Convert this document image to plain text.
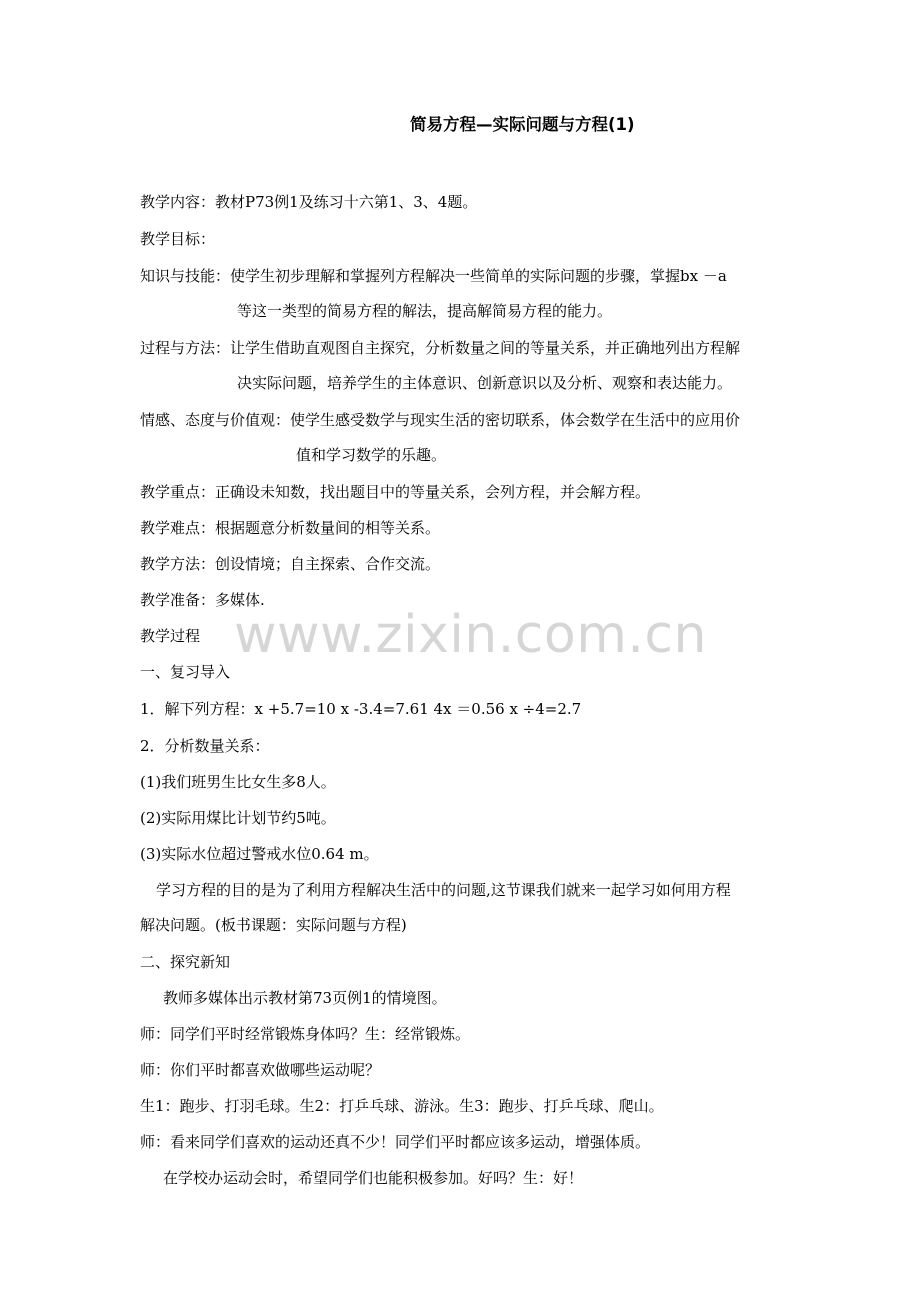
简易方程—实际问题与方程(1)

教学内容：教材P73例1及练习十六第1、3、4题。

教学目标：

知识与技能：使学生初步理解和掌握列方程解决一些简单的实际问题的步骤，掌握bx －a

等这一类型的简易方程的解法，提高解简易方程的能力。

过程与方法：让学生借助直观图自主探究，分析数量之间的等量关系，并正确地列出方程解

决实际问题，培养学生的主体意识、创新意识以及分析、观察和表达能力。

情感、态度与价值观：使学生感受数学与现实生活的密切联系，体会数学在生活中的应用价

值和学习数学的乐趣。

教学重点：正确设未知数，找出题目中的等量关系，会列方程，并会解方程。

教学难点：根据题意分析数量间的相等关系。

教学方法：创设情境；自主探索、合作交流。

教学准备：多媒体.

教学过程

一、复习导入

1．解下列方程：x +5.7=10 x -3.4=7.61 4x ＝0.56 x ÷4=2.7

2．分析数量关系：

(1)我们班男生比女生多8人。

(2)实际用煤比计划节约5吨。

(3)实际水位超过警戒水位0.64 m。

学习方程的目的是为了利用方程解决生活中的问题,这节课我们就来一起学习如何用方程

解决问题。(板书课题：实际问题与方程)

二、探究新知

教师多媒体出示教材第73页例1的情境图。

师：同学们平时经常锻炼身体吗？生：经常锻炼。

师：你们平时都喜欢做哪些运动呢？

生1：跑步、打羽毛球。生2：打乒乓球、游泳。生3：跑步、打乒乓球、爬山。

师：看来同学们喜欢的运动还真不少！同学们平时都应该多运动，增强体质。

在学校办运动会时，希望同学们也能积极参加。好吗？生：好！

www.zixin.com.cn
